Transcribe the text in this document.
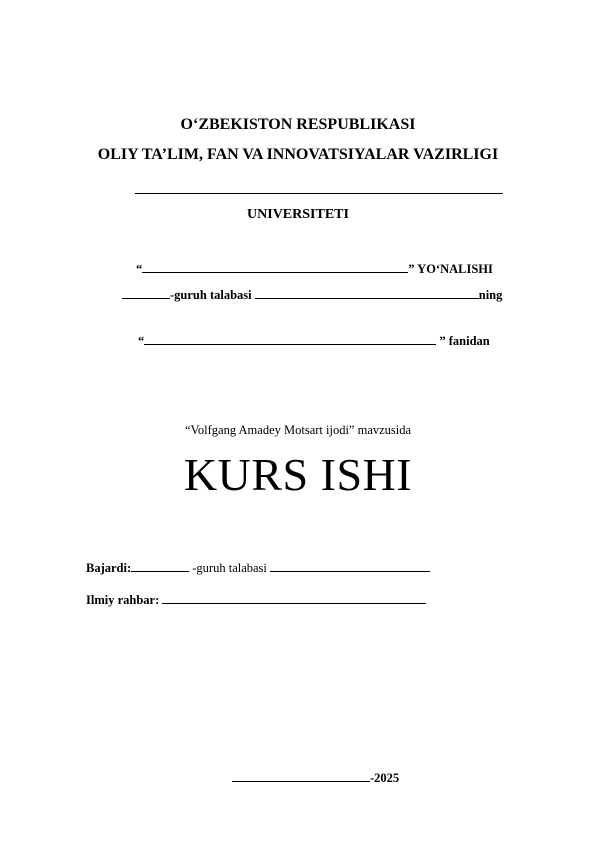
O‘ZBEKISTON RESPUBLIKASI
OLIY TA’LIM, FAN VA INNOVATSIYALAR VAZIRLIGI
UNIVERSITETI
“	” YO‘NALISHI
-guruh talabasi	ning
“	” fanidan
“Volfgang Amadey Motsart ijodi” mavzusida
KURS ISHI
Bajardi:	-guruh talabasi
Ilmiy rahbar:
-2025
